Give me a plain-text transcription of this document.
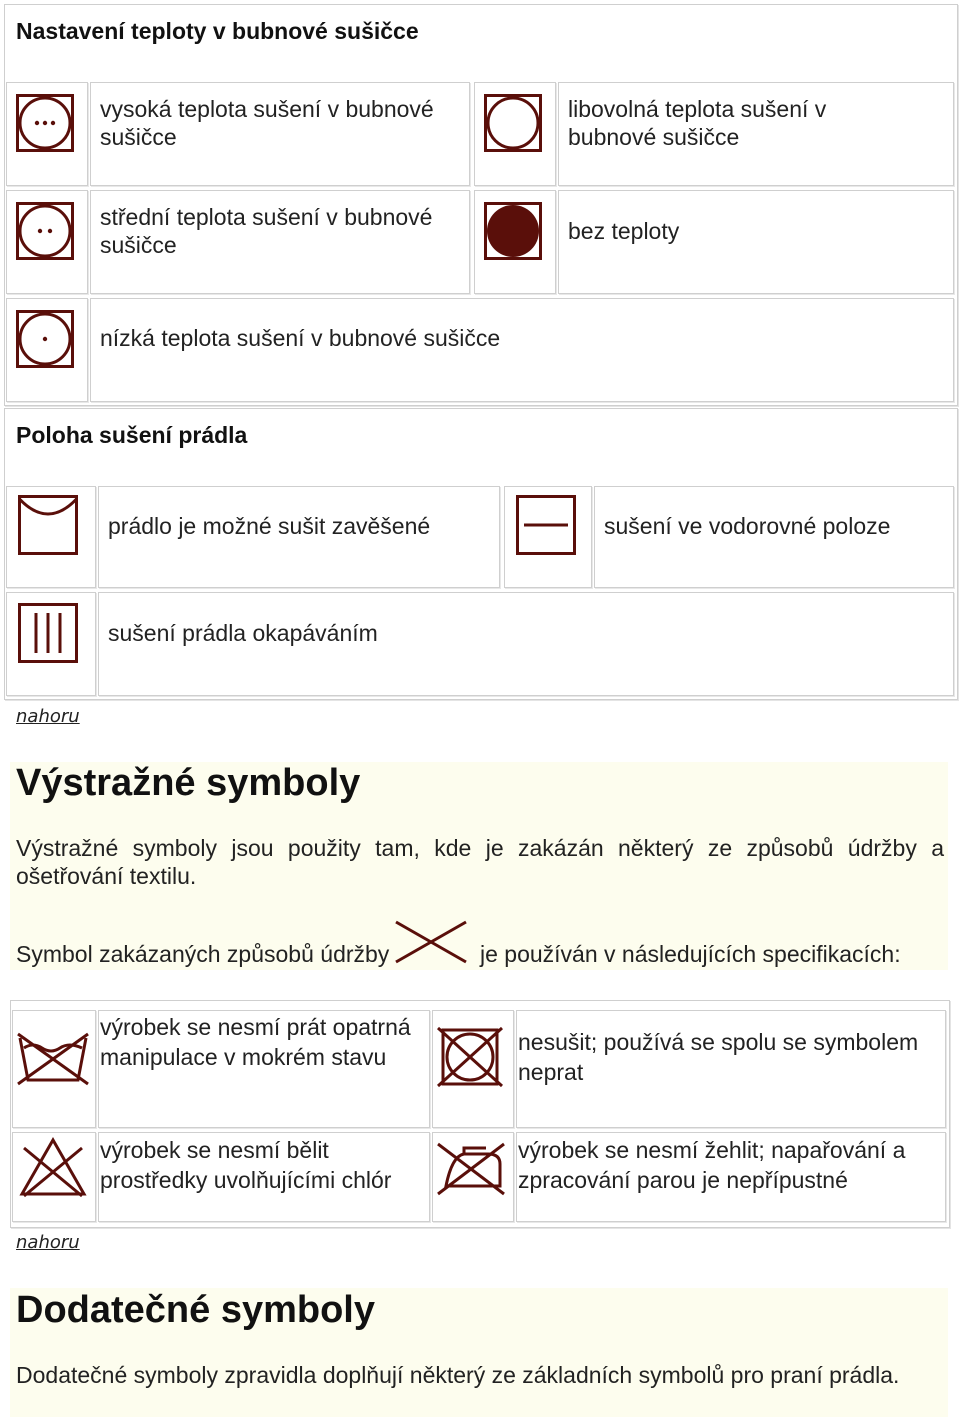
Nastavení teploty v bubnové sušičce
vysoká teplota sušení v bubnové sušičce
libovolná teplota sušení v bubnové sušičce
střední teplota sušení v bubnové sušičce
bez teploty
nízká teplota sušení v bubnové sušičce
Poloha sušení prádla
prádlo je možné sušit zavěšené	sušení ve vodorovné poloze
sušení prádla okapáváním
nahoru
Výstražné symboly
Výstražné symboly jsou použity tam, kde je zakázán některý ze způsobů údržby a ošetřování textilu.
Symbol zakázaných způsobů údržby	je používán v následujících specifikacích:
výrobek se nesmí prát opatrná manipulace v mokrém stavu
nesušit; používá se spolu se symbolem neprat
výrobek se nesmí bělit prostředky uvolňujícími chlór
výrobek se nesmí žehlit; napařování a zpracování parou je nepřípustné
nahoru
Dodatečné symboly
Dodatečné symboly zpravidla doplňují některý ze základních symbolů pro praní prádla.
